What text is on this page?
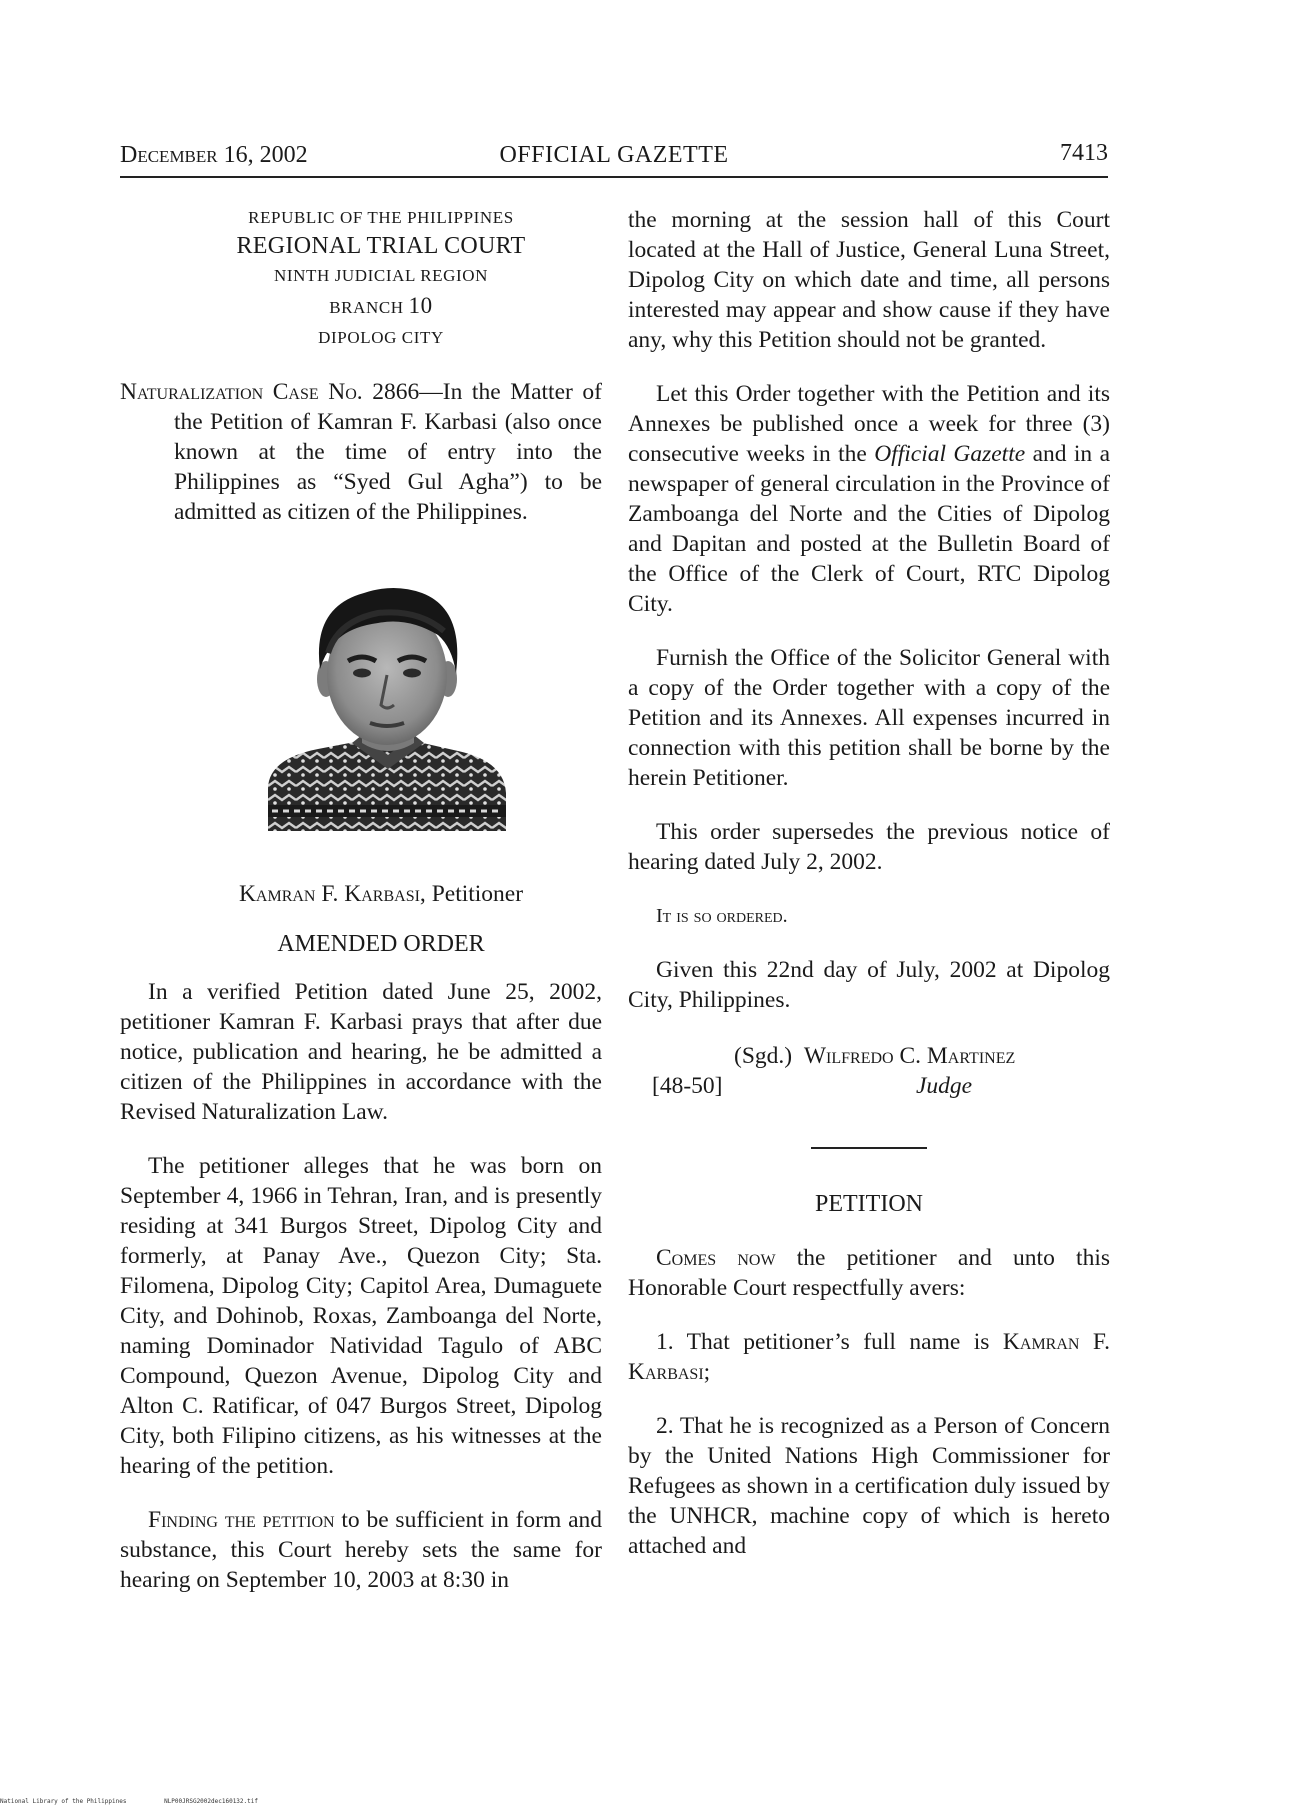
December 16, 2002	OFFICIAL GAZETTE	7413
REPUBLIC OF THE PHILIPPINES
REGIONAL TRIAL COURT
NINTH JUDICIAL REGION
BRANCH 10
DIPOLOG CITY
Naturalization Case No. 2866—In the Matter of the Petition of Kamran F. Karbasi (also once known at the time of entry into the Philippines as “Syed Gul Agha”) to be admitted as citizen of the Philippines.
Kamran F. Karbasi, Petitioner
AMENDED ORDER

In a verified Petition dated June 25, 2002, petitioner Kamran F. Karbasi prays that after due notice, publication and hearing, he be admitted a citizen of the Philippines in accordance with the Revised Naturalization Law.

The petitioner alleges that he was born on September 4, 1966 in Tehran, Iran, and is presently residing at 341 Burgos Street, Dipolog City and formerly, at Panay Ave., Quezon City; Sta. Filomena, Dipolog City; Capitol Area, Dumaguete City, and Dohinob, Roxas, Zamboanga del Norte, naming Dominador Natividad Tagulo of ABC Compound, Quezon Avenue, Dipolog City and Alton C. Ratificar, of 047 Burgos Street, Dipolog City, both Filipino citizens, as his witnesses at the hearing of the petition.

Finding the petition to be sufficient in form and substance, this Court hereby sets the same for hearing on September 10, 2003 at 8:30 in

the morning at the session hall of this Court located at the Hall of Justice, General Luna Street, Dipolog City on which date and time, all persons interested may appear and show cause if they have any, why this Petition should not be granted.

Let this Order together with the Petition and its Annexes be published once a week for three (3) consecutive weeks in the Official Gazette and in a newspaper of general circulation in the Province of Zamboanga del Norte and the Cities of Dipolog and Dapitan and posted at the Bulletin Board of the Office of the Clerk of Court, RTC Dipolog City.

Furnish the Office of the Solicitor General with a copy of the Order together with a copy of the Petition and its Annexes. All expenses incurred in connection with this petition shall be borne by the herein Petitioner.

This order supersedes the previous notice of hearing dated July 2, 2002.

It is so ordered.

Given this 22nd day of July, 2002 at Dipolog City, Philippines.

(Sgd.) Wilfredo C. Martinez
[48-50]	Judge
PETITION

Comes now the petitioner and unto this Honorable Court respectfully avers:

1. That petitioner’s full name is Kamran F. Karbasi;

2. That he is recognized as a Person of Concern by the United Nations High Commissioner for Refugees as shown in a certification duly issued by the UNHCR, machine copy of which is hereto attached and

National Library of the Philippines	NLP00JRSG2002dec160132.tif
